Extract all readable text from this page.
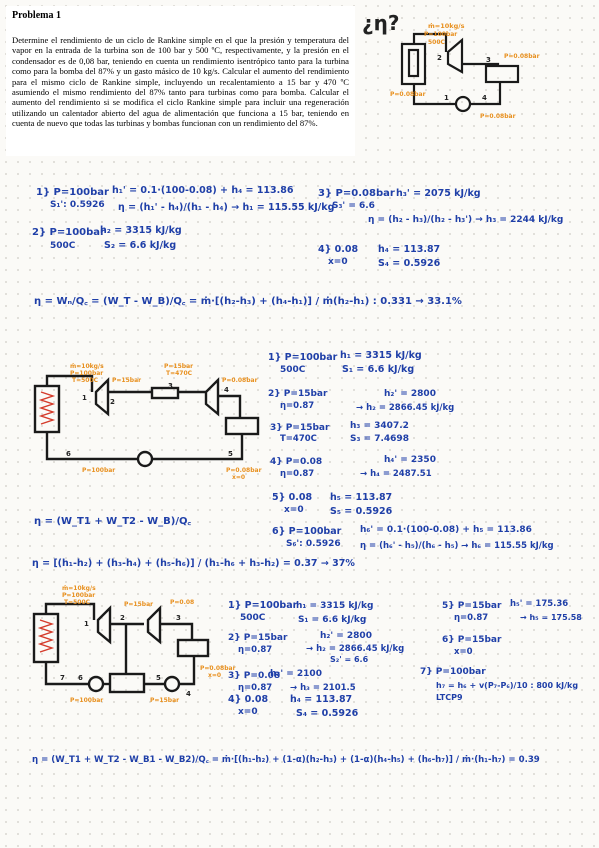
Problema 1

Determine el rendimiento de un ciclo de Rankine simple en el que la presión y temperatura del vapor en la entrada de la turbina son de 100 bar y 500 ºC, respectivamente, y la presión en el condensador es de 0,08 bar, teniendo en cuenta un rendimiento isentrópico tanto para la turbina como para la bomba del 87% y un gasto másico de 10 kg/s. Calcular el aumento del rendimiento para el mismo ciclo de Rankine simple, incluyendo un recalentamiento a 15 bar y 470 ºC asumiendo el mismo rendimiento del 87% tanto para turbinas como para bomba. Calcular el aumento del rendimiento si se modifica el ciclo Rankine simple para incluir una regeneración utilizando un calentador abierto del agua de alimentación que funciona a 15 bar, teniendo en cuenta de nuevo que todas las turbinas y bombas funcionan con un rendimiento del 87%.

¿η?	ṁ=10kg/s
P=100bar
500C
P=0.08bar
P=0.08bar
P=0.08bar
2	3
4
1
1} P=100bar
S₁': 0.5926
h₁' = 0.1·(100-0.08) + h₄ = 113.86
η = (h₁' - h₄)/(h₁ - h₄) → h₁ = 115.55 kJ/kg
2} P=100bar
500C
h₂ = 3315 kJ/kg
S₂ = 6.6 kJ/kg
3} P=0.08bar
S₃' = 6.6
h₃' = 2075 kJ/kg
η = (h₂ - h₃)/(h₂ - h₃') → h₃ = 2244 kJ/kg
4} 0.08
x=0
h₄ = 113.87
S₄ = 0.5926
η = Wₙ/Q꜀ = (W_T - W_B)/Q꜀ = ṁ·[(h₂-h₃) + (h₄-h₁)] / ṁ(h₂-h₁) : 0.331 → 33.1%
ṁ=10kg/s
P=100bar
T=500C P=15bar
P=15bar
T=470C
P=0.08bar
P=0.08bar
x=0
P=100bar
2
3	4
5
6
1
1} P=100bar
500C
h₁ = 3315 kJ/kg
S₁ = 6.6 kJ/kg
2} P=15bar
η=0.87
h₂' = 2800
→ h₂ = 2866.45 kJ/kg
3} P=15bar
T=470C
h₃ = 3407.2
S₃ = 7.4698
4} P=0.08
η=0.87
h₄' = 2350
→ h₄ = 2487.51
5} 0.08
x=0
h₅ = 113.87
S₅ = 0.5926
6} P=100bar
S₆': 0.5926
h₆' = 0.1·(100-0.08) + h₅ = 113.86
η = (h₆' - h₅)/(h₆ - h₅) → h₆ = 115.55 kJ/kg
η = (W_T1 + W_T2 - W_B)/Q꜀
η = [(h₁-h₂) + (h₃-h₄) + (h₅-h₆)] / (h₁-h₆ + h₃-h₂) = 0.37 → 37%
ṁ=10kg/s
P=100bar
T=500C	P=15bar	P=0.08
P=0.08bar
x=0
P=15bar
P=100bar
1
2	3
4
5
6
7
1} P=100bar
500C
h₁ = 3315 kJ/kg
S₁ = 6.6 kJ/kg
2} P=15bar
η=0.87
h₂' = 2800
→ h₂ = 2866.45 kJ/kg
S₂' = 6.6
3} P=0.08
η=0.87
h₃' = 2100
→ h₃ = 2101.5
4} 0.08
x=0
h₄ = 113.87
S₄ = 0.5926
5} P=15bar
η=0.87
h₅' = 175.36
→ h₅ = 175.58
6} P=15bar
x=0
7} P=100bar
h₇ = h₆ + v(P₇-P₆)/10 : 800 kJ/kg
LTCP9
η = (W_T1 + W_T2 - W_B1 - W_B2)/Q꜀ = ṁ·[(h₁-h₂) + (1-α)(h₂-h₃) + (1-α)(h₄-h₅) + (h₆-h₇)] / ṁ·(h₁-h₇) = 0.39
